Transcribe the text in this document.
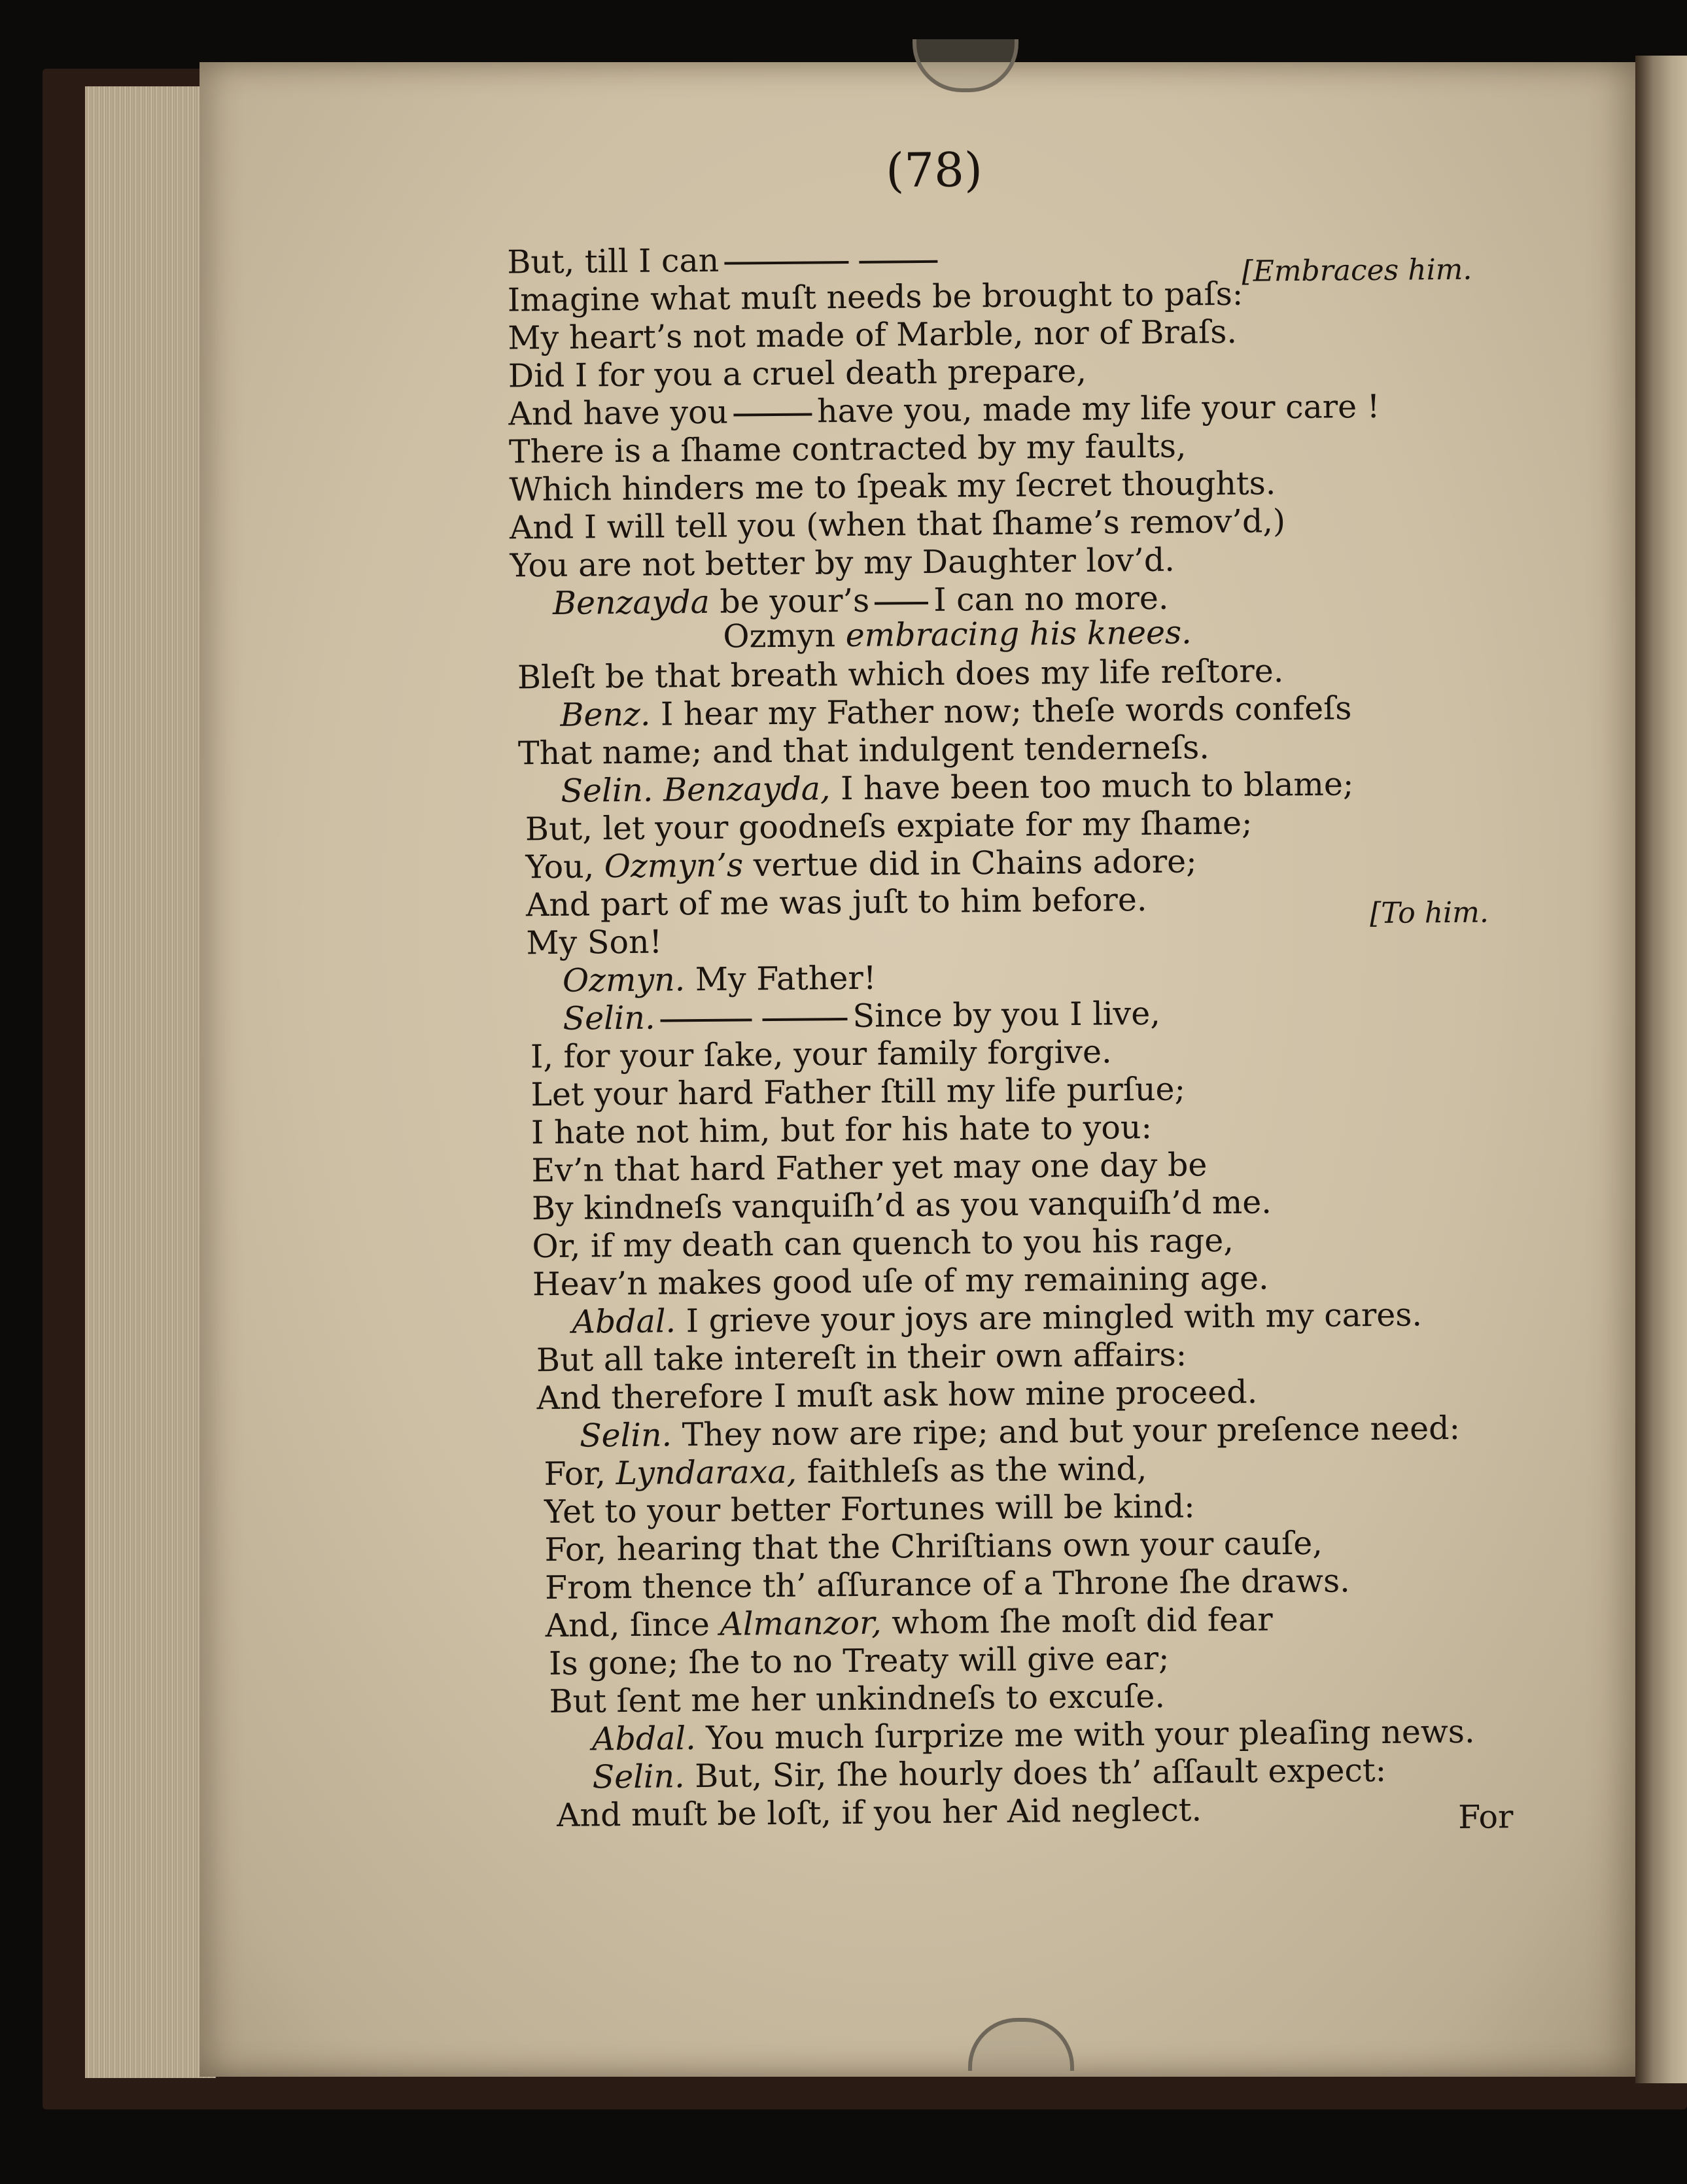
(78)
But, till I can
Imagine what muſt needs be brought to paſs:
[Embraces him.
My heart’s not made of Marble, nor of Braſs.
Did I for you a cruel death prepare,
And have you	have you, made my life your care !
There is a ſhame contracted by my faults,
Which hinders me to ſpeak my ſecret thoughts.
And I will tell you (when that ſhame’s remov’d,)
You are not better by my Daughter lov’d.
Benzayda be your’s I can no more.
Ozmyn embracing his knees.
Bleſt be that breath which does my life reſtore.
Benz. I hear my Father now; theſe words confeſs
That name; and that indulgent tenderneſs.
Selin. Benzayda, I have been too much to blame;
But, let your goodneſs expiate for my ſhame;
You, Ozmyn’s vertue did in Chains adore;
And part of me was juſt to him before.
My Son!
[To him.
Ozmyn. My Father!
Selin.	Since by you I live,
I, for your ſake, your family forgive.
Let your hard Father ſtill my life purſue;
I hate not him, but for his hate to you:
Ev’n that hard Father yet may one day be
By kindneſs vanquiſh’d as you vanquiſh’d me.
Or, if my death can quench to you his rage,
Heav’n makes good uſe of my remaining age.
Abdal. I grieve your joys are mingled with my cares.
But all take intereſt in their own affairs:
And therefore I muſt ask how mine proceed.
Selin. They now are ripe; and but your preſence need:
For, Lyndaraxa, faithleſs as the wind,
Yet to your better Fortunes will be kind:
For, hearing that the Chriſtians own your cauſe,
From thence th’ aſſurance of a Throne ſhe draws.
And, ſince Almanzor, whom ſhe moſt did fear
Is gone; ſhe to no Treaty will give ear;
But ſent me her unkindneſs to excuſe.
Abdal. You much ſurprize me with your pleaſing news.
Selin. But, Sir, ſhe hourly does th’ aſſault expect:
And muſt be loſt, if you her Aid neglect.	For
